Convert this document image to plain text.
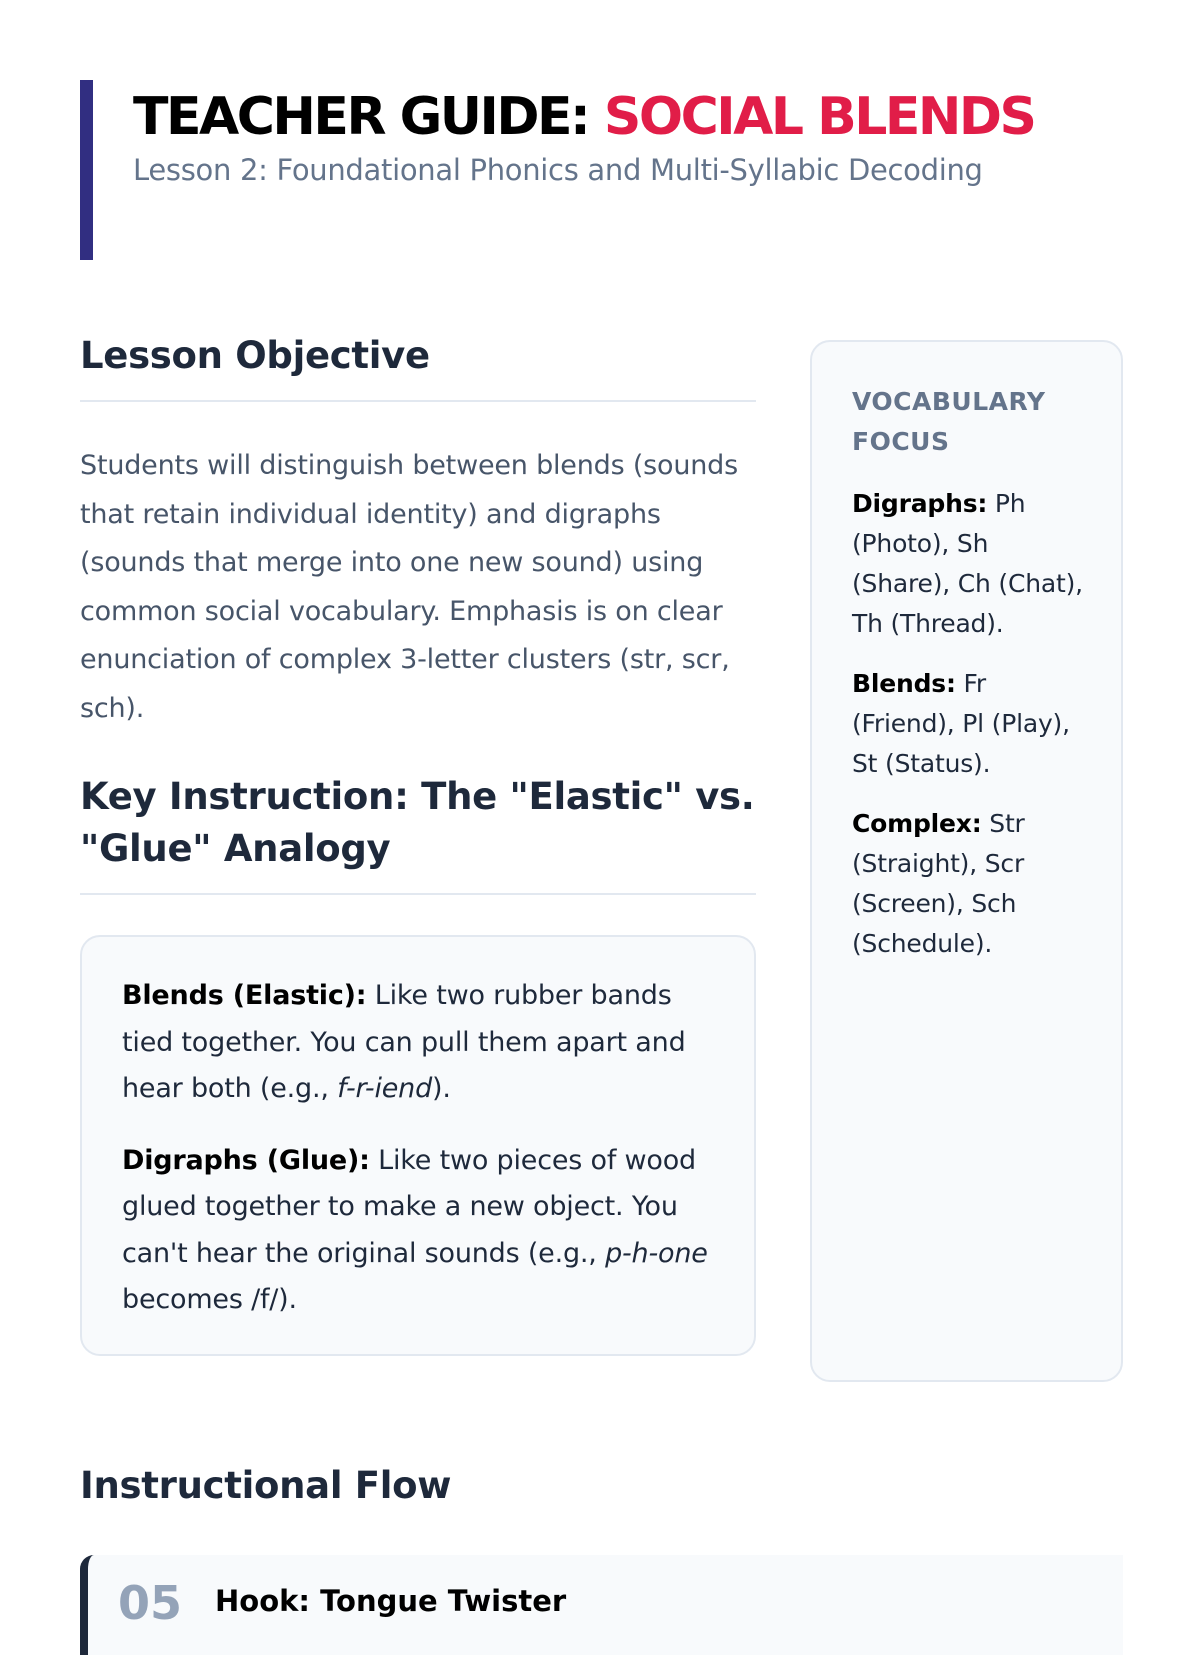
TEACHER GUIDE: SOCIAL BLENDS

Lesson 2: Foundational Phonics and Multi-Syllabic Decoding

Lesson Objective

Students will distinguish between blends (sounds that retain individual identity) and digraphs (sounds that merge into one new sound) using common social vocabulary. Emphasis is on clear enunciation of complex 3-letter clusters (str, scr, sch).

Key Instruction: The "Elastic" vs. "Glue" Analogy

Blends (Elastic): Like two rubber bands tied together. You can pull them apart and hear both (e.g., f-r-iend).

Digraphs (Glue): Like two pieces of wood glued together to make a new object. You can't hear the original sounds (e.g., p-h-one becomes /f/).

VOCABULARY FOCUS

Digraphs: Ph (Photo), Sh (Share), Ch (Chat), Th (Thread).

Blends: Fr (Friend), Pl (Play), St (Status).

Complex: Str (Straight), Scr (Screen), Sch (Schedule).

Instructional Flow
05 Hook: Tongue Twister
